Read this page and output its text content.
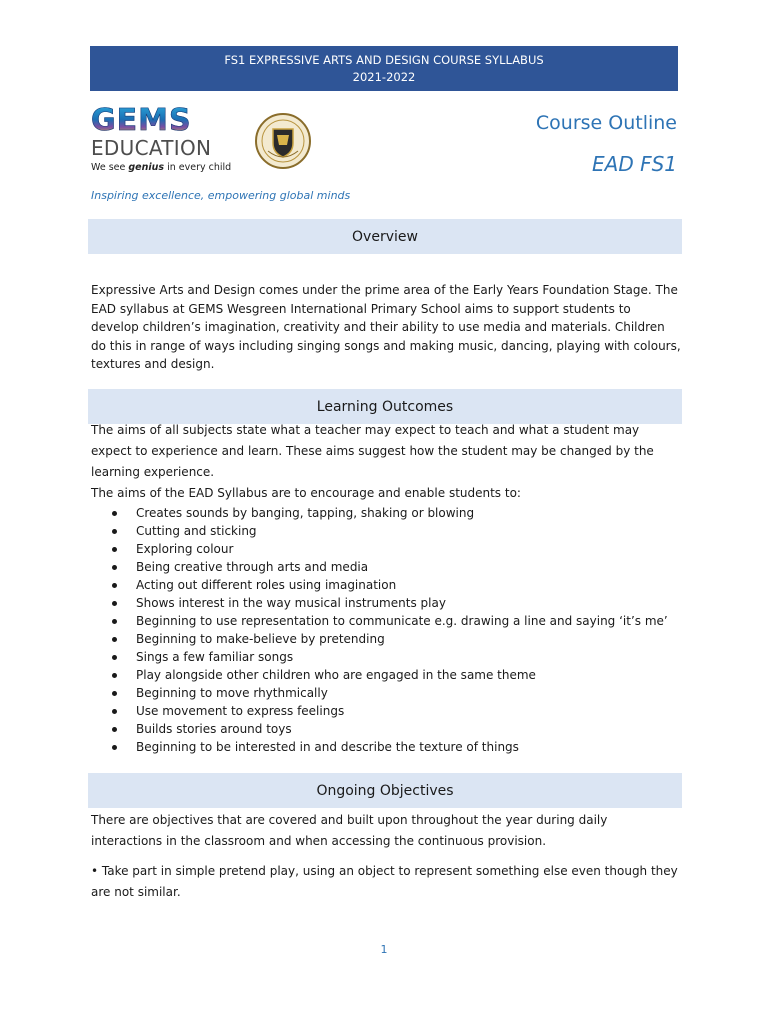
FS1 EXPRESSIVE ARTS AND DESIGN COURSE SYLLABUS
2021-2022
GEMS
EDUCATION
We see genius in every child
Inspiring excellence, empowering global minds
Course Outline
EAD FS1
Overview

Expressive Arts and Design comes under the prime area of the Early Years Foundation Stage. The EAD syllabus at GEMS Wesgreen International Primary School aims to support students to develop children’s imagination, creativity and their ability to use media and materials. Children do this in range of ways including singing songs and making music, dancing, playing with colours, textures and design.

Learning Outcomes

The aims of all subjects state what a teacher may expect to teach and what a student may expect to experience and learn. These aims suggest how the student may be changed by the learning experience.

The aims of the EAD Syllabus are to encourage and enable students to:

Creates sounds by banging, tapping, shaking or blowing
Cutting and sticking
Exploring colour
Being creative through arts and media
Acting out different roles using imagination
Shows interest in the way musical instruments play
Beginning to use representation to communicate e.g. drawing a line and saying ‘it’s me’
Beginning to make-believe by pretending
Sings a few familiar songs
Play alongside other children who are engaged in the same theme
Beginning to move rhythmically
Use movement to express feelings
Builds stories around toys
Beginning to be interested in and describe the texture of things
Ongoing Objectives

There are objectives that are covered and built upon throughout the year during daily interactions in the classroom and when accessing the continuous provision.

• Take part in simple pretend play, using an object to represent something else even though they are not similar.

1
